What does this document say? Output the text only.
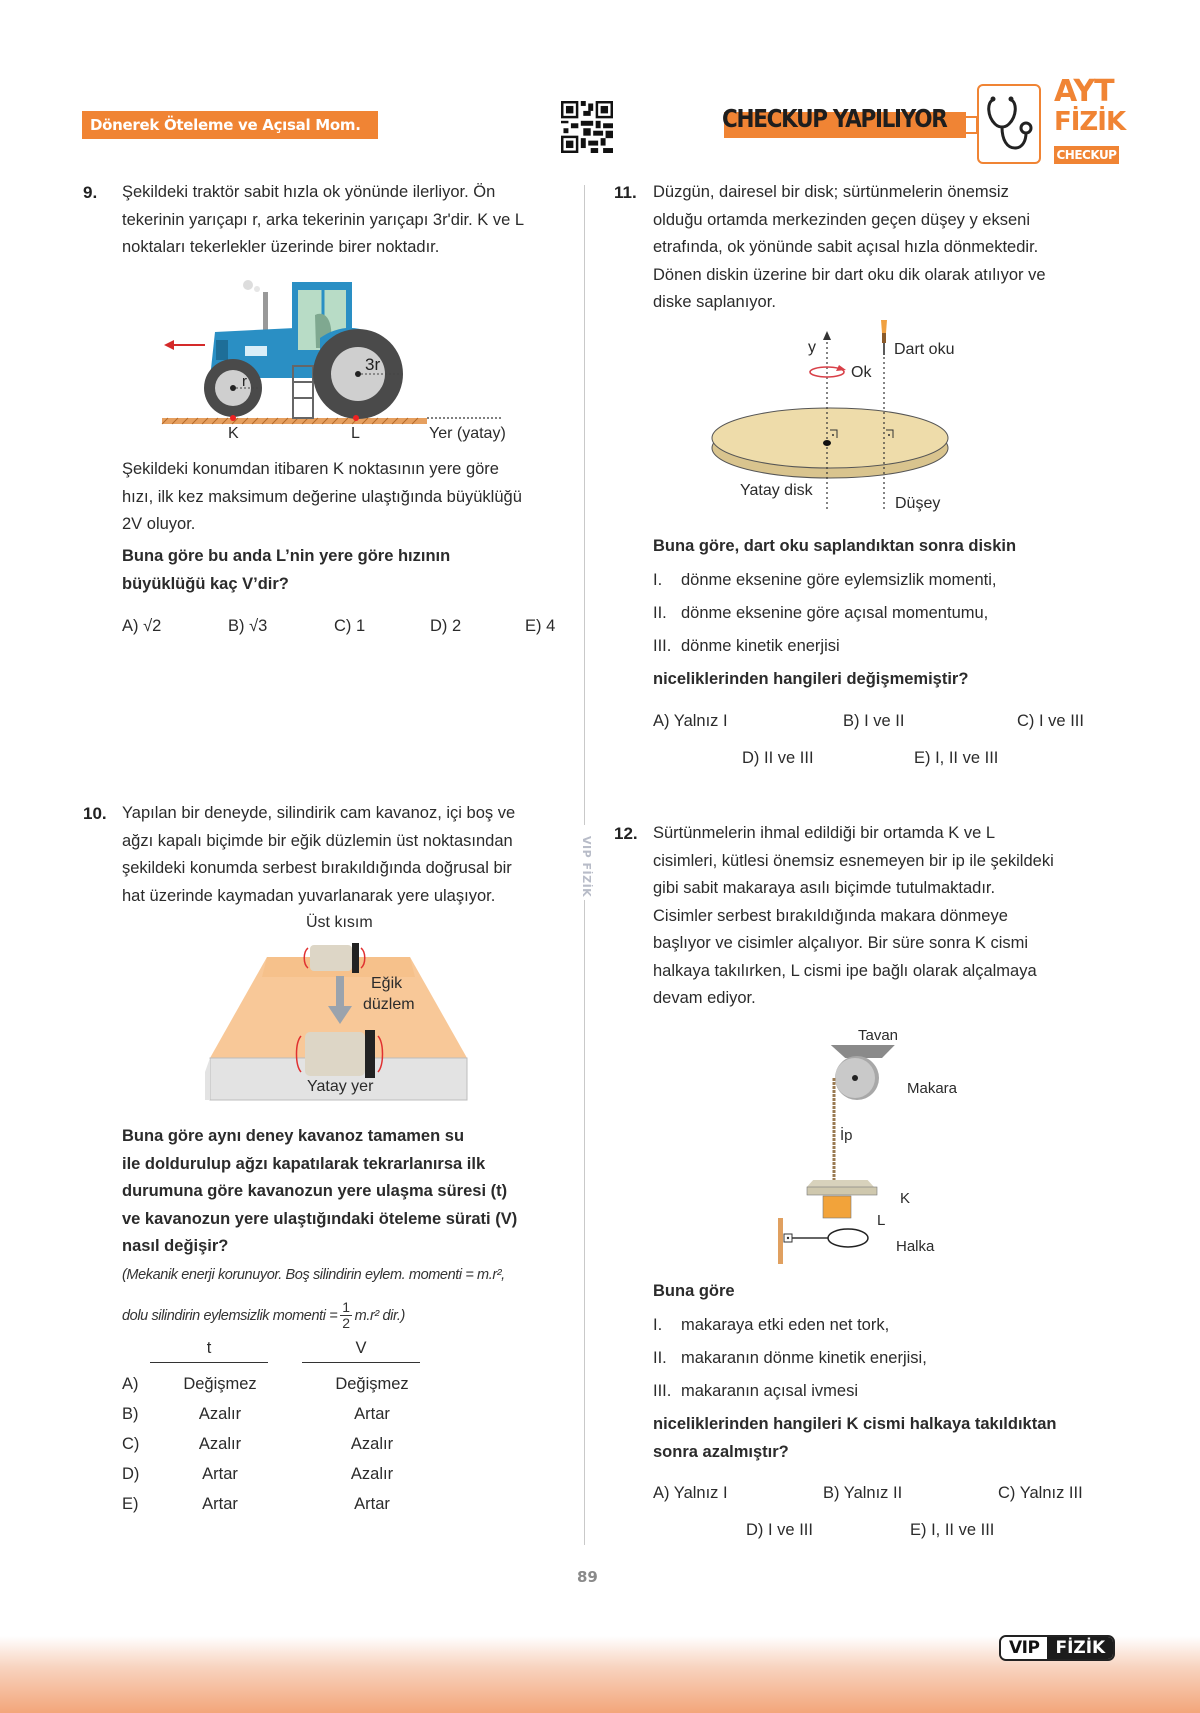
Dönerek Öteleme ve Açısal Mom.	CHECKUP YAPILIYOR
AYT
FİZİK
CHECKUP
VIP FİZİK
9. Şekildeki traktör sabit hızla ok yönünde ilerliyor. Ön
tekerinin yarıçapı r, arka tekerinin yarıçapı 3r'dir. K ve L
noktaları tekerlekler üzerinde birer noktadır.
r
3r
K	L	Yer (yatay)
Şekildeki konumdan itibaren K noktasının yere göre
hızı, ilk kez maksimum değerine ulaştığında büyüklüğü
2V oluyor.
Buna göre bu anda L’nin yere göre hızının
büyüklüğü kaç V’dir?
A) √2	B) √3	C) 1	D) 2	E) 4
10. Yapılan bir deneyde, silindirik cam kavanoz, içi boş ve
ağzı kapalı biçimde bir eğik düzlemin üst noktasından
şekildeki konumda serbest bırakıldığında doğrusal bir
hat üzerinde kaymadan yuvarlanarak yere ulaşıyor.
Üst kısım
Eğik
düzlem
Yatay yer
Buna göre aynı deney kavanoz tamamen su
ile doldurulup ağzı kapatılarak tekrarlanırsa ilk
durumuna göre kavanozun yere ulaşma süresi (t)
ve kavanozun yere ulaştığındaki öteleme sürati (V)
nasıl değişir?
(Mekanik enerji korunuyor. Boş silindirin eylem. momenti = m.r²,
dolu silindirin eylemsizlik momenti = $\frac{1}{2} m.r^2$ dir.)
t	V
A)	Değişmez	Değişmez
B)	Azalır	Artar
C)	Azalır	Azalır
D)	Artar	Azalır
E)	Artar	Artar
11. Düzgün, dairesel bir disk; sürtünmelerin önemsiz
olduğu ortamda merkezinden geçen düşey y ekseni
etrafında, ok yönünde sabit açısal hızla dönmektedir.
Dönen diskin üzerine bir dart oku dik olarak atılıyor ve
diske saplanıyor.
y
Ok
Dart oku
Yatay disk
Düşey
Buna göre, dart oku saplandıktan sonra diskin
I.	dönme eksenine göre eylemsizlik momenti,
II. dönme eksenine göre açısal momentumu,
III. dönme kinetik enerjisi
niceliklerinden hangileri değişmemiştir?
A) Yalnız I	B) I ve II	C) I ve III
D) II ve III	E) I, II ve III
12. Sürtünmelerin ihmal edildiği bir ortamda K ve L
cisimleri, kütlesi önemsiz esnemeyen bir ip ile şekildeki
gibi sabit makaraya asılı biçimde tutulmaktadır.
Cisimler serbest bırakıldığında makara dönmeye
başlıyor ve cisimler alçalıyor. Bir süre sonra K cismi
halkaya takılırken, L cismi ipe bağlı olarak alçalmaya
devam ediyor.
Tavan
Makara
İp
K
L
Halka
Buna göre
I.	makaraya etki eden net tork,
II. makaranın dönme kinetik enerjisi,
III. makaranın açısal ivmesi
niceliklerinden hangileri K cismi halkaya takıldıktan
sonra azalmıştır?
A) Yalnız I	B) Yalnız II	C) Yalnız III
D) I ve III	E) I, II ve III
89
VIP FİZİK
